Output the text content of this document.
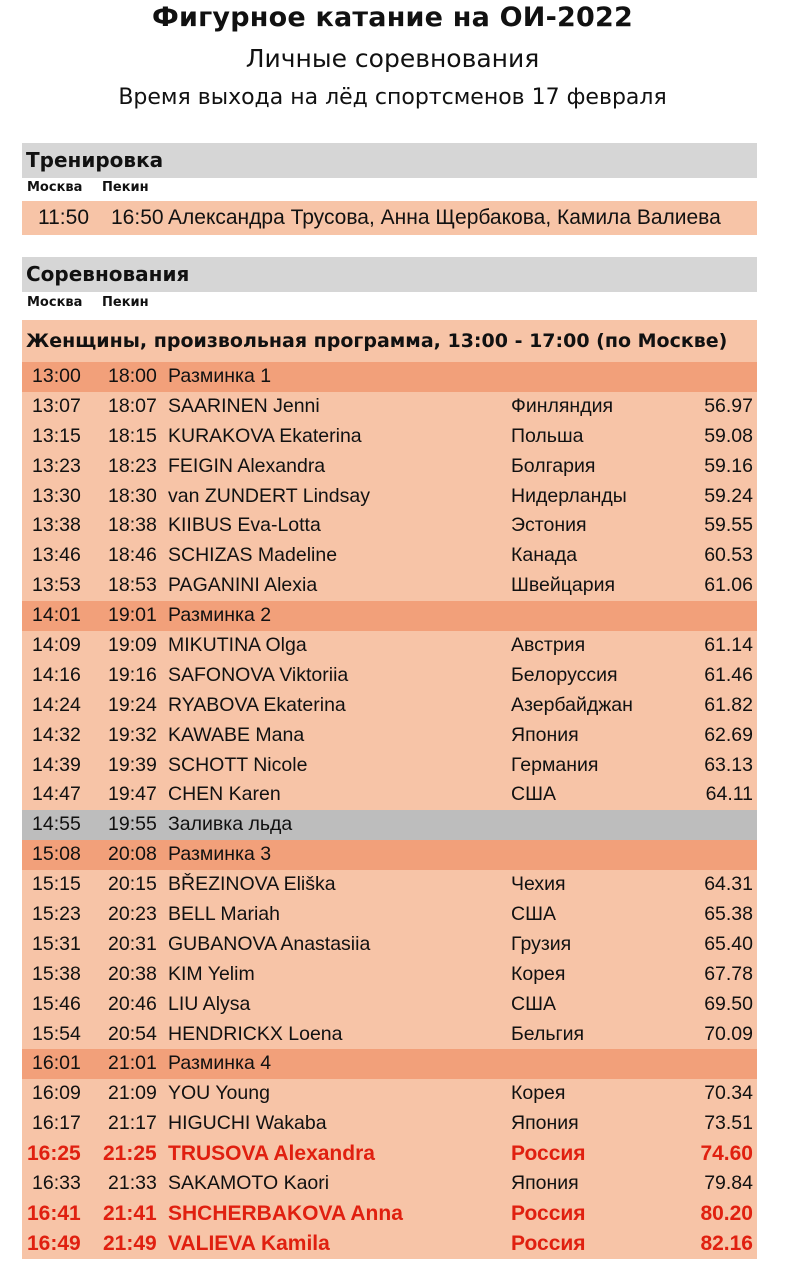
Фигурное катание на ОИ-2022
Личные соревнования
Время выхода на лёд спортсменов 17 февраля
Тренировка
Москва Пекин
11:50 16:50 Александра Трусова, Анна Щербакова, Камила Валиева
Соревнования
Москва Пекин
Женщины, произвольная программа, 13:00 - 17:00 (по Москве)
13:00 18:00 Разминка 1
13:07 18:07 SAARINEN Jenni	Финляндия	56.97
13:15 18:15 KURAKOVA Ekaterina	Польша	59.08
13:23 18:23 FEIGIN Alexandra	Болгария	59.16
13:30 18:30 van ZUNDERT Lindsay	Нидерланды	59.24
13:38 18:38 KIIBUS Eva-Lotta	Эстония	59.55
13:46 18:46 SCHIZAS Madeline	Канада	60.53
13:53 18:53 PAGANINI Alexia	Швейцария	61.06
14:01 19:01 Разминка 2
14:09 19:09 MIKUTINA Olga	Австрия	61.14
14:16 19:16 SAFONOVA Viktoriia	Белоруссия	61.46
14:24 19:24 RYABOVA Ekaterina	Азербайджан	61.82
14:32 19:32 KAWABE Mana	Япония	62.69
14:39 19:39 SCHOTT Nicole	Германия	63.13
14:47 19:47 CHEN Karen	США	64.11
14:55 19:55 Заливка льда
15:08 20:08 Разминка 3
15:15 20:15 BŘEZINOVA Eliška	Чехия	64.31
15:23 20:23 BELL Mariah	США	65.38
15:31 20:31 GUBANOVA Anastasiia	Грузия	65.40
15:38 20:38 KIM Yelim	Корея	67.78
15:46 20:46 LIU Alysa	США	69.50
15:54 20:54 HENDRICKX Loena	Бельгия	70.09
16:01 21:01 Разминка 4
16:09 21:09 YOU Young	Корея	70.34
16:17 21:17 HIGUCHI Wakaba	Япония	73.51
16:25 21:25 TRUSOVA Alexandra	Россия	74.60
16:33 21:33 SAKAMOTO Kaori	Япония	79.84
16:41 21:41 SHCHERBAKOVA Anna	Россия	80.20
16:49 21:49 VALIEVA Kamila	Россия	82.16
